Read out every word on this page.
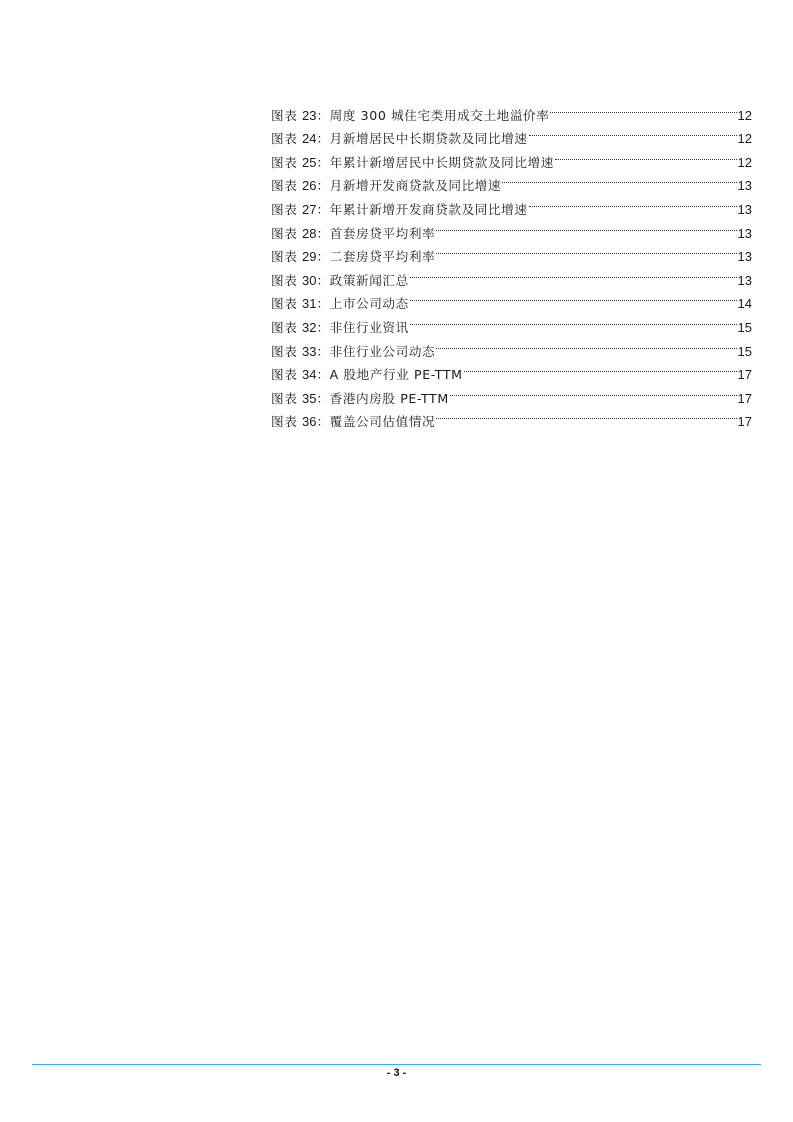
图表 23：周度 300 城住宅类用成交土地溢价率	12
图表 24：月新增居民中长期贷款及同比增速	12
图表 25：年累计新增居民中长期贷款及同比增速	12
图表 26：月新增开发商贷款及同比增速	13
图表 27：年累计新增开发商贷款及同比增速	13
图表 28：首套房贷平均利率	13
图表 29：二套房贷平均利率	13
图表 30：政策新闻汇总	13
图表 31：上市公司动态	14
图表 32：非住行业资讯	15
图表 33：非住行业公司动态	15
图表 34：A 股地产行业 PE-TTM	17
图表 35：香港内房股 PE-TTM	17
图表 36：覆盖公司估值情况	17
- 3 -
